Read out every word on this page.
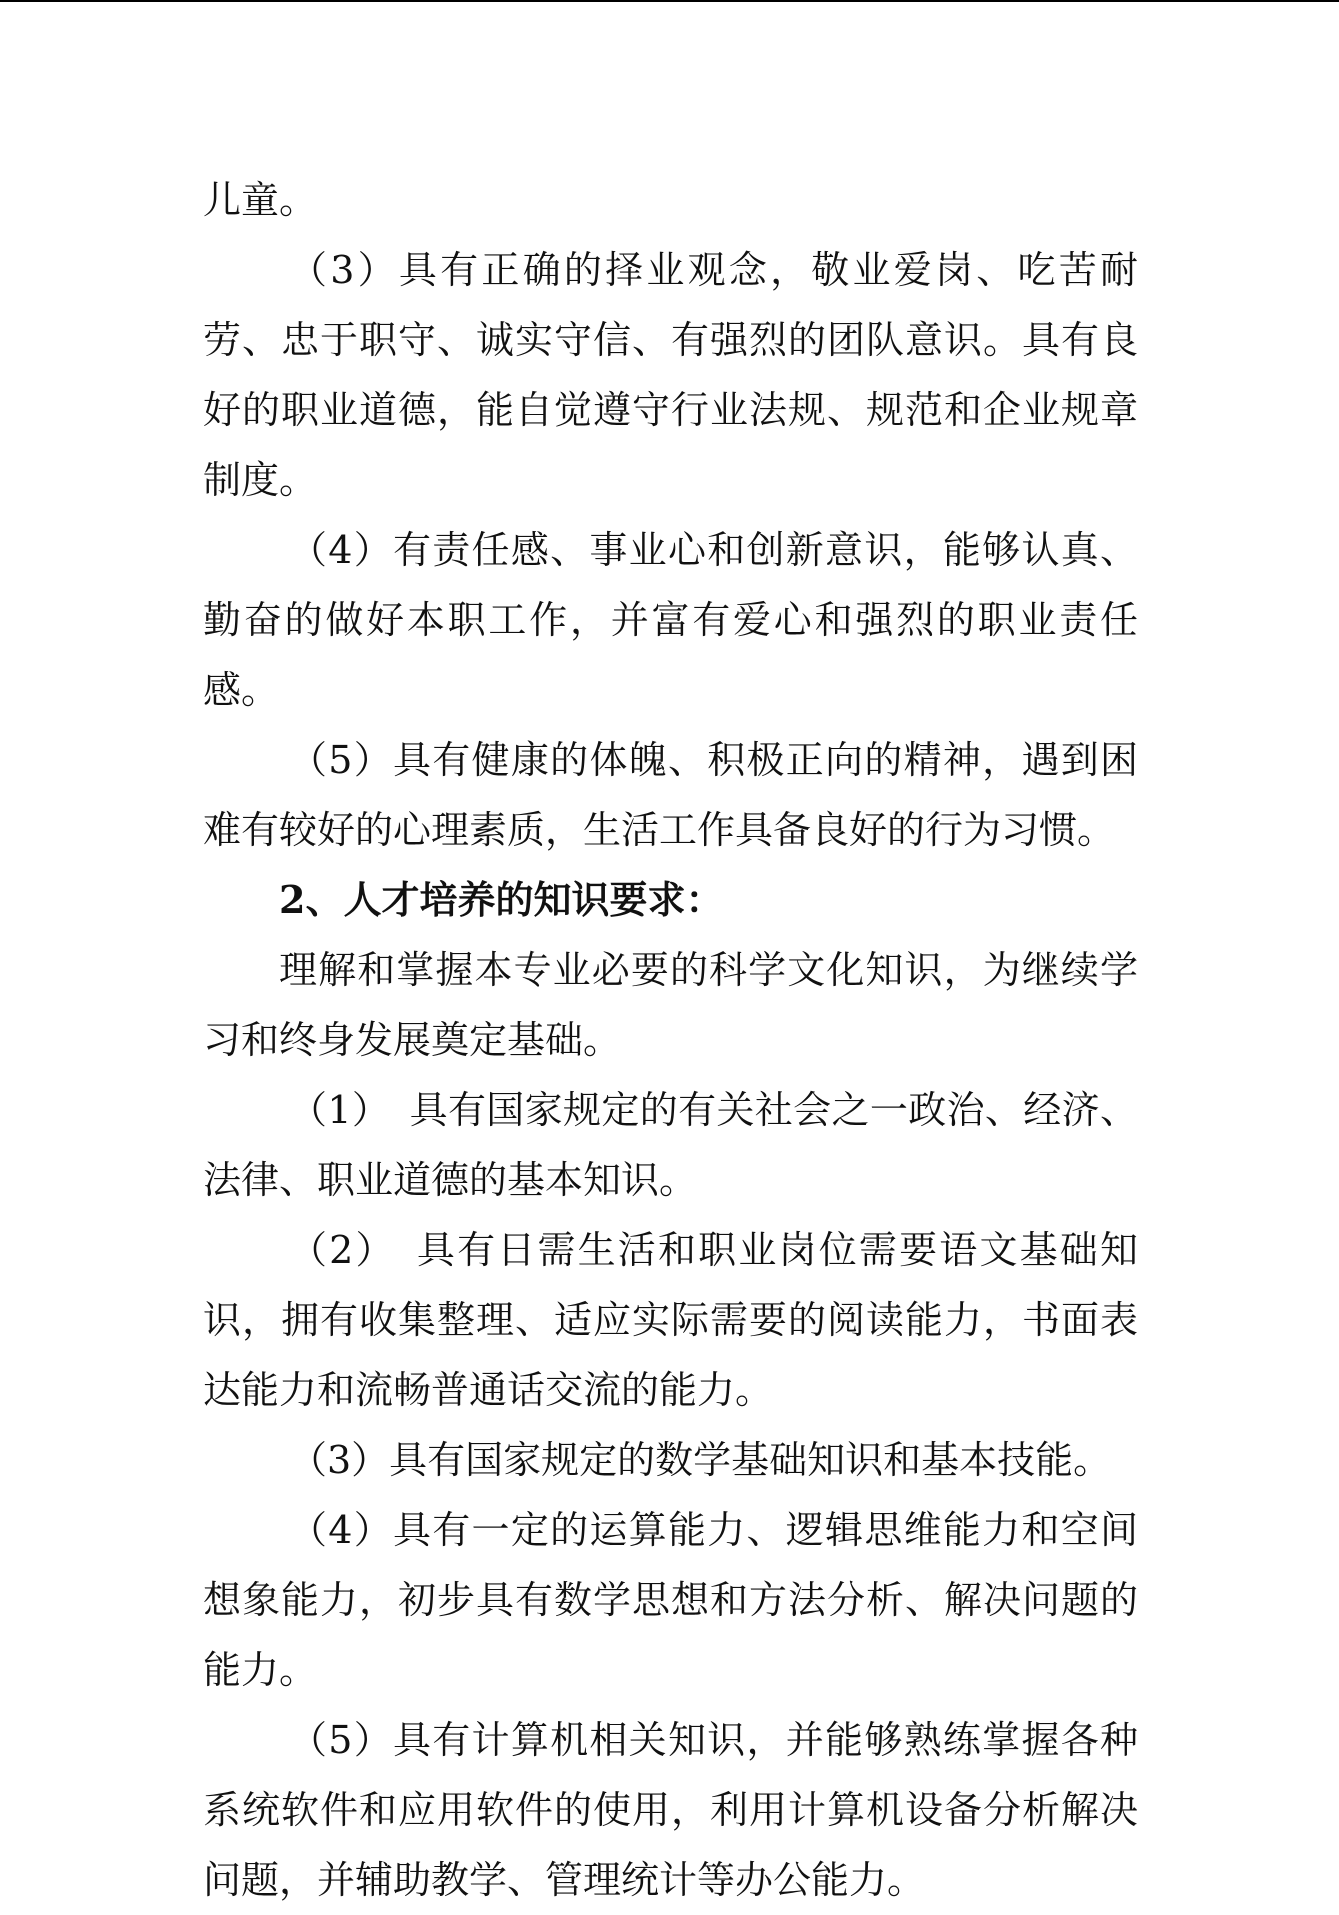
儿童。

（3）具有正确的择业观念，敬业爱岗、吃苦耐劳、忠于职守、诚实守信、有强烈的团队意识。具有良好的职业道德，能自觉遵守行业法规、规范和企业规章制度。

（4）有责任感、事业心和创新意识，能够认真、勤奋的做好本职工作，并富有爱心和强烈的职业责任感。

（5）具有健康的体魄、积极正向的精神，遇到困难有较好的心理素质，生活工作具备良好的行为习惯。

2、人才培养的知识要求：

理解和掌握本专业必要的科学文化知识，为继续学习和终身发展奠定基础。

（1）　具有国家规定的有关社会之一政治、经济、法律、职业道德的基本知识。

（2）　具有日需生活和职业岗位需要语文基础知识，拥有收集整理、适应实际需要的阅读能力，书面表达能力和流畅普通话交流的能力。

（3）具有国家规定的数学基础知识和基本技能。

（4）具有一定的运算能力、逻辑思维能力和空间想象能力，初步具有数学思想和方法分析、解决问题的能力。

（5）具有计算机相关知识，并能够熟练掌握各种系统软件和应用软件的使用，利用计算机设备分析解决问题，并辅助教学、管理统计等办公能力。
